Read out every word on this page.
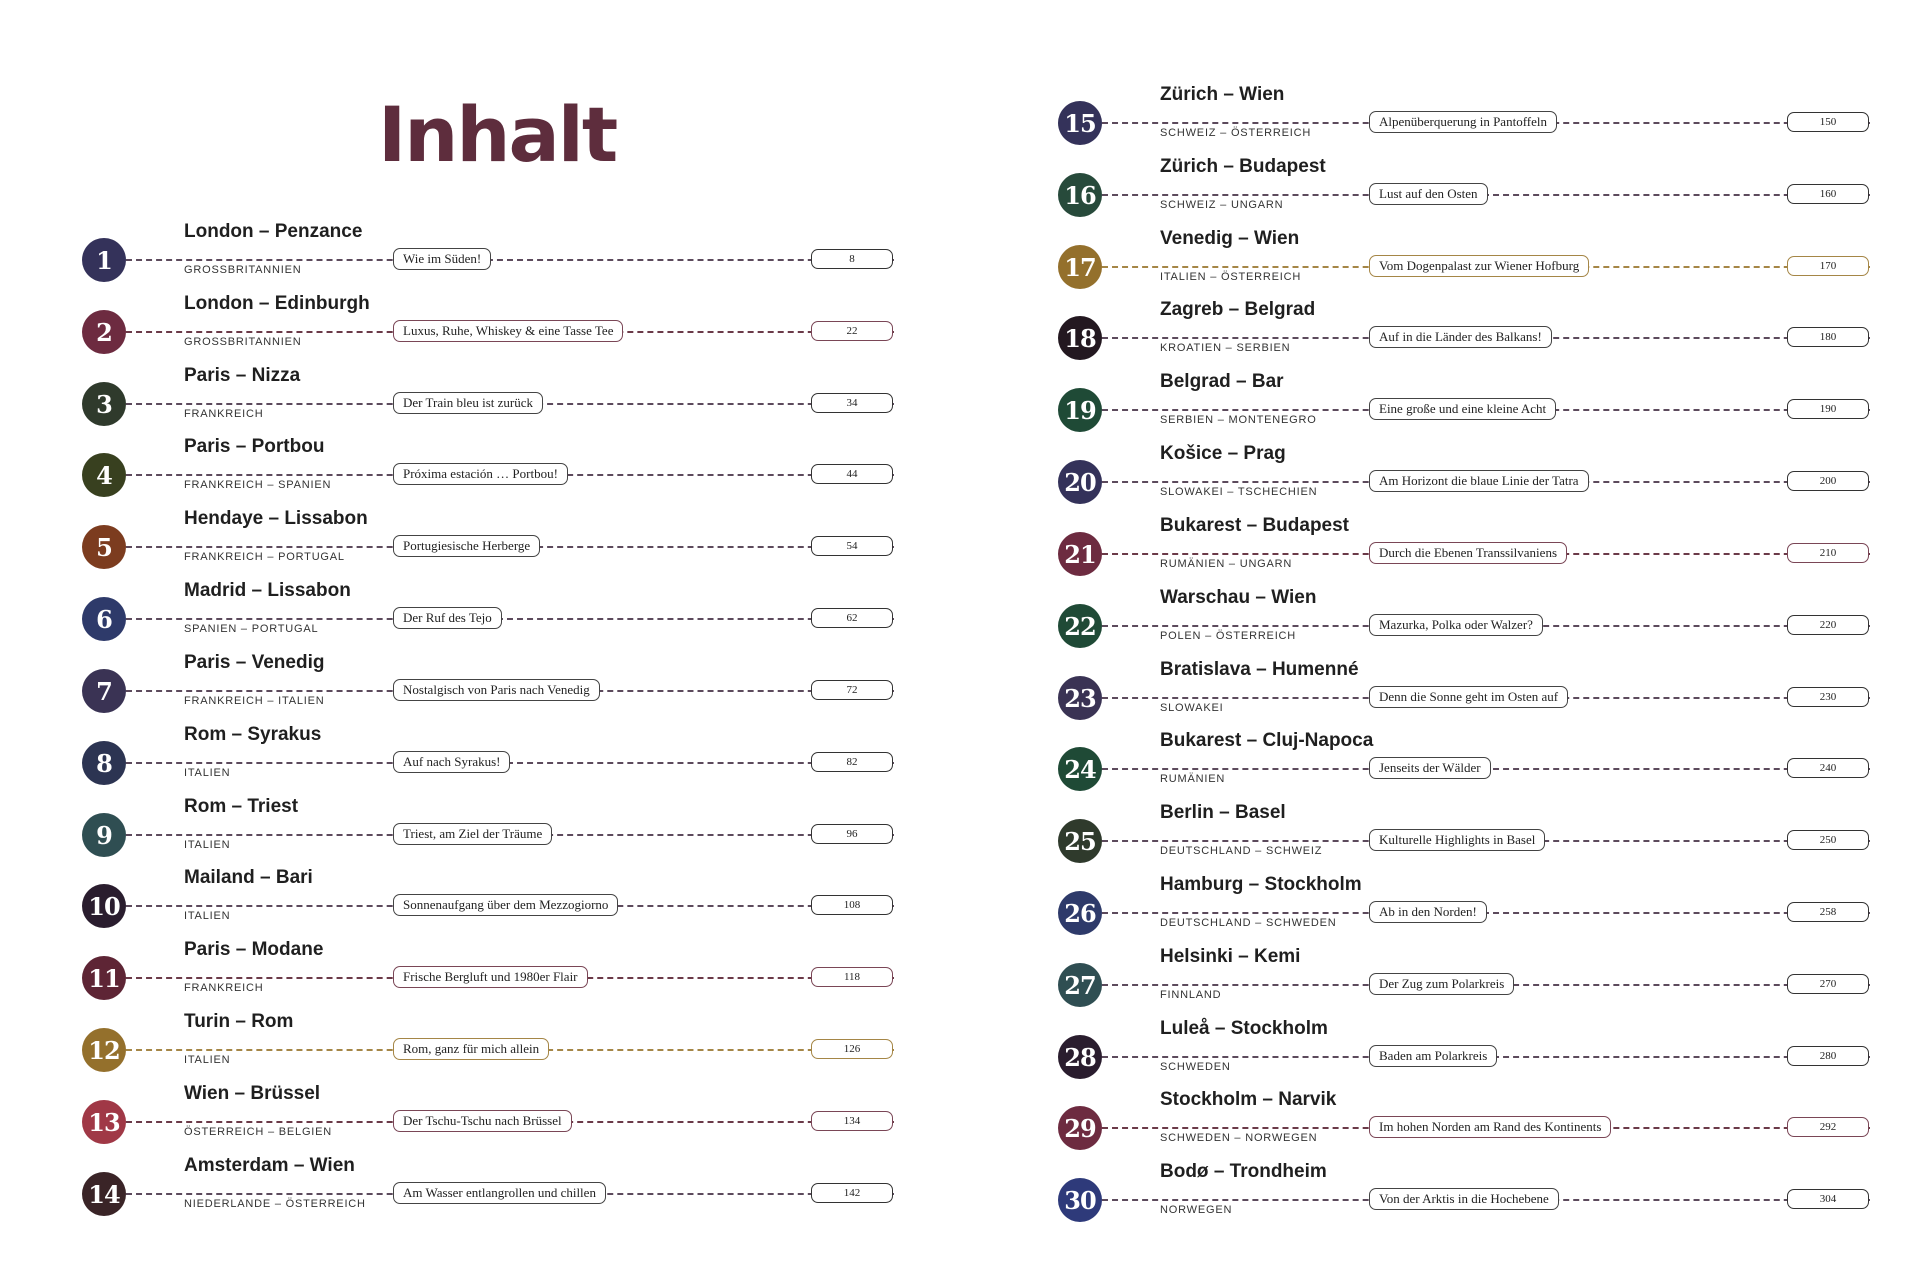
Inhalt
1
London – Penzance
GROSSBRITANNIEN
Wie im Süden!	8
2
London – Edinburgh
GROSSBRITANNIEN
Luxus, Ruhe, Whiskey & eine Tasse Tee	22
3
Paris – Nizza
FRANKREICH
Der Train bleu ist zurück	34
4
Paris – Portbou
FRANKREICH – SPANIEN
Próxima estación … Portbou!	44
5
Hendaye – Lissabon
FRANKREICH – PORTUGAL
Portugiesische Herberge	54
6
Madrid – Lissabon
SPANIEN – PORTUGAL
Der Ruf des Tejo	62
7
Paris – Venedig
FRANKREICH – ITALIEN
Nostalgisch von Paris nach Venedig	72
8
Rom – Syrakus
ITALIEN
Auf nach Syrakus!	82
9
Rom – Triest
ITALIEN
Triest, am Ziel der Träume	96
10
Mailand – Bari
ITALIEN
Sonnenaufgang über dem Mezzogiorno	108
11
Paris – Modane
FRANKREICH
Frische Bergluft und 1980er Flair	118
12
Turin – Rom
ITALIEN
Rom, ganz für mich allein	126
13
Wien – Brüssel
ÖSTERREICH – BELGIEN
Der Tschu-Tschu nach Brüssel	134
14
Amsterdam – Wien
NIEDERLANDE – ÖSTERREICH
Am Wasser entlangrollen und chillen	142
15
Zürich – Wien
SCHWEIZ – ÖSTERREICH
Alpenüberquerung in Pantoffeln	150
16
Zürich – Budapest
SCHWEIZ – UNGARN
Lust auf den Osten	160
17
Venedig – Wien
ITALIEN – ÖSTERREICH
Vom Dogenpalast zur Wiener Hofburg	170
18
Zagreb – Belgrad
KROATIEN – SERBIEN
Auf in die Länder des Balkans!	180
19
Belgrad – Bar
SERBIEN – MONTENEGRO
Eine große und eine kleine Acht	190
20
Košice – Prag
SLOWAKEI – TSCHECHIEN
Am Horizont die blaue Linie der Tatra	200
21
Bukarest – Budapest
RUMÄNIEN – UNGARN
Durch die Ebenen Transsilvaniens	210
22
Warschau – Wien
POLEN – ÖSTERREICH
Mazurka, Polka oder Walzer?	220
23
Bratislava – Humenné
SLOWAKEI
Denn die Sonne geht im Osten auf	230
24
Bukarest – Cluj-Napoca
RUMÄNIEN
Jenseits der Wälder	240
25
Berlin – Basel
DEUTSCHLAND – SCHWEIZ
Kulturelle Highlights in Basel	250
26
Hamburg – Stockholm
DEUTSCHLAND – SCHWEDEN
Ab in den Norden!	258
27
Helsinki – Kemi
FINNLAND
Der Zug zum Polarkreis	270
28
Luleå – Stockholm
SCHWEDEN
Baden am Polarkreis	280
29
Stockholm – Narvik
SCHWEDEN – NORWEGEN
Im hohen Norden am Rand des Kontinents	292
30
Bodø – Trondheim
NORWEGEN
Von der Arktis in die Hochebene	304
